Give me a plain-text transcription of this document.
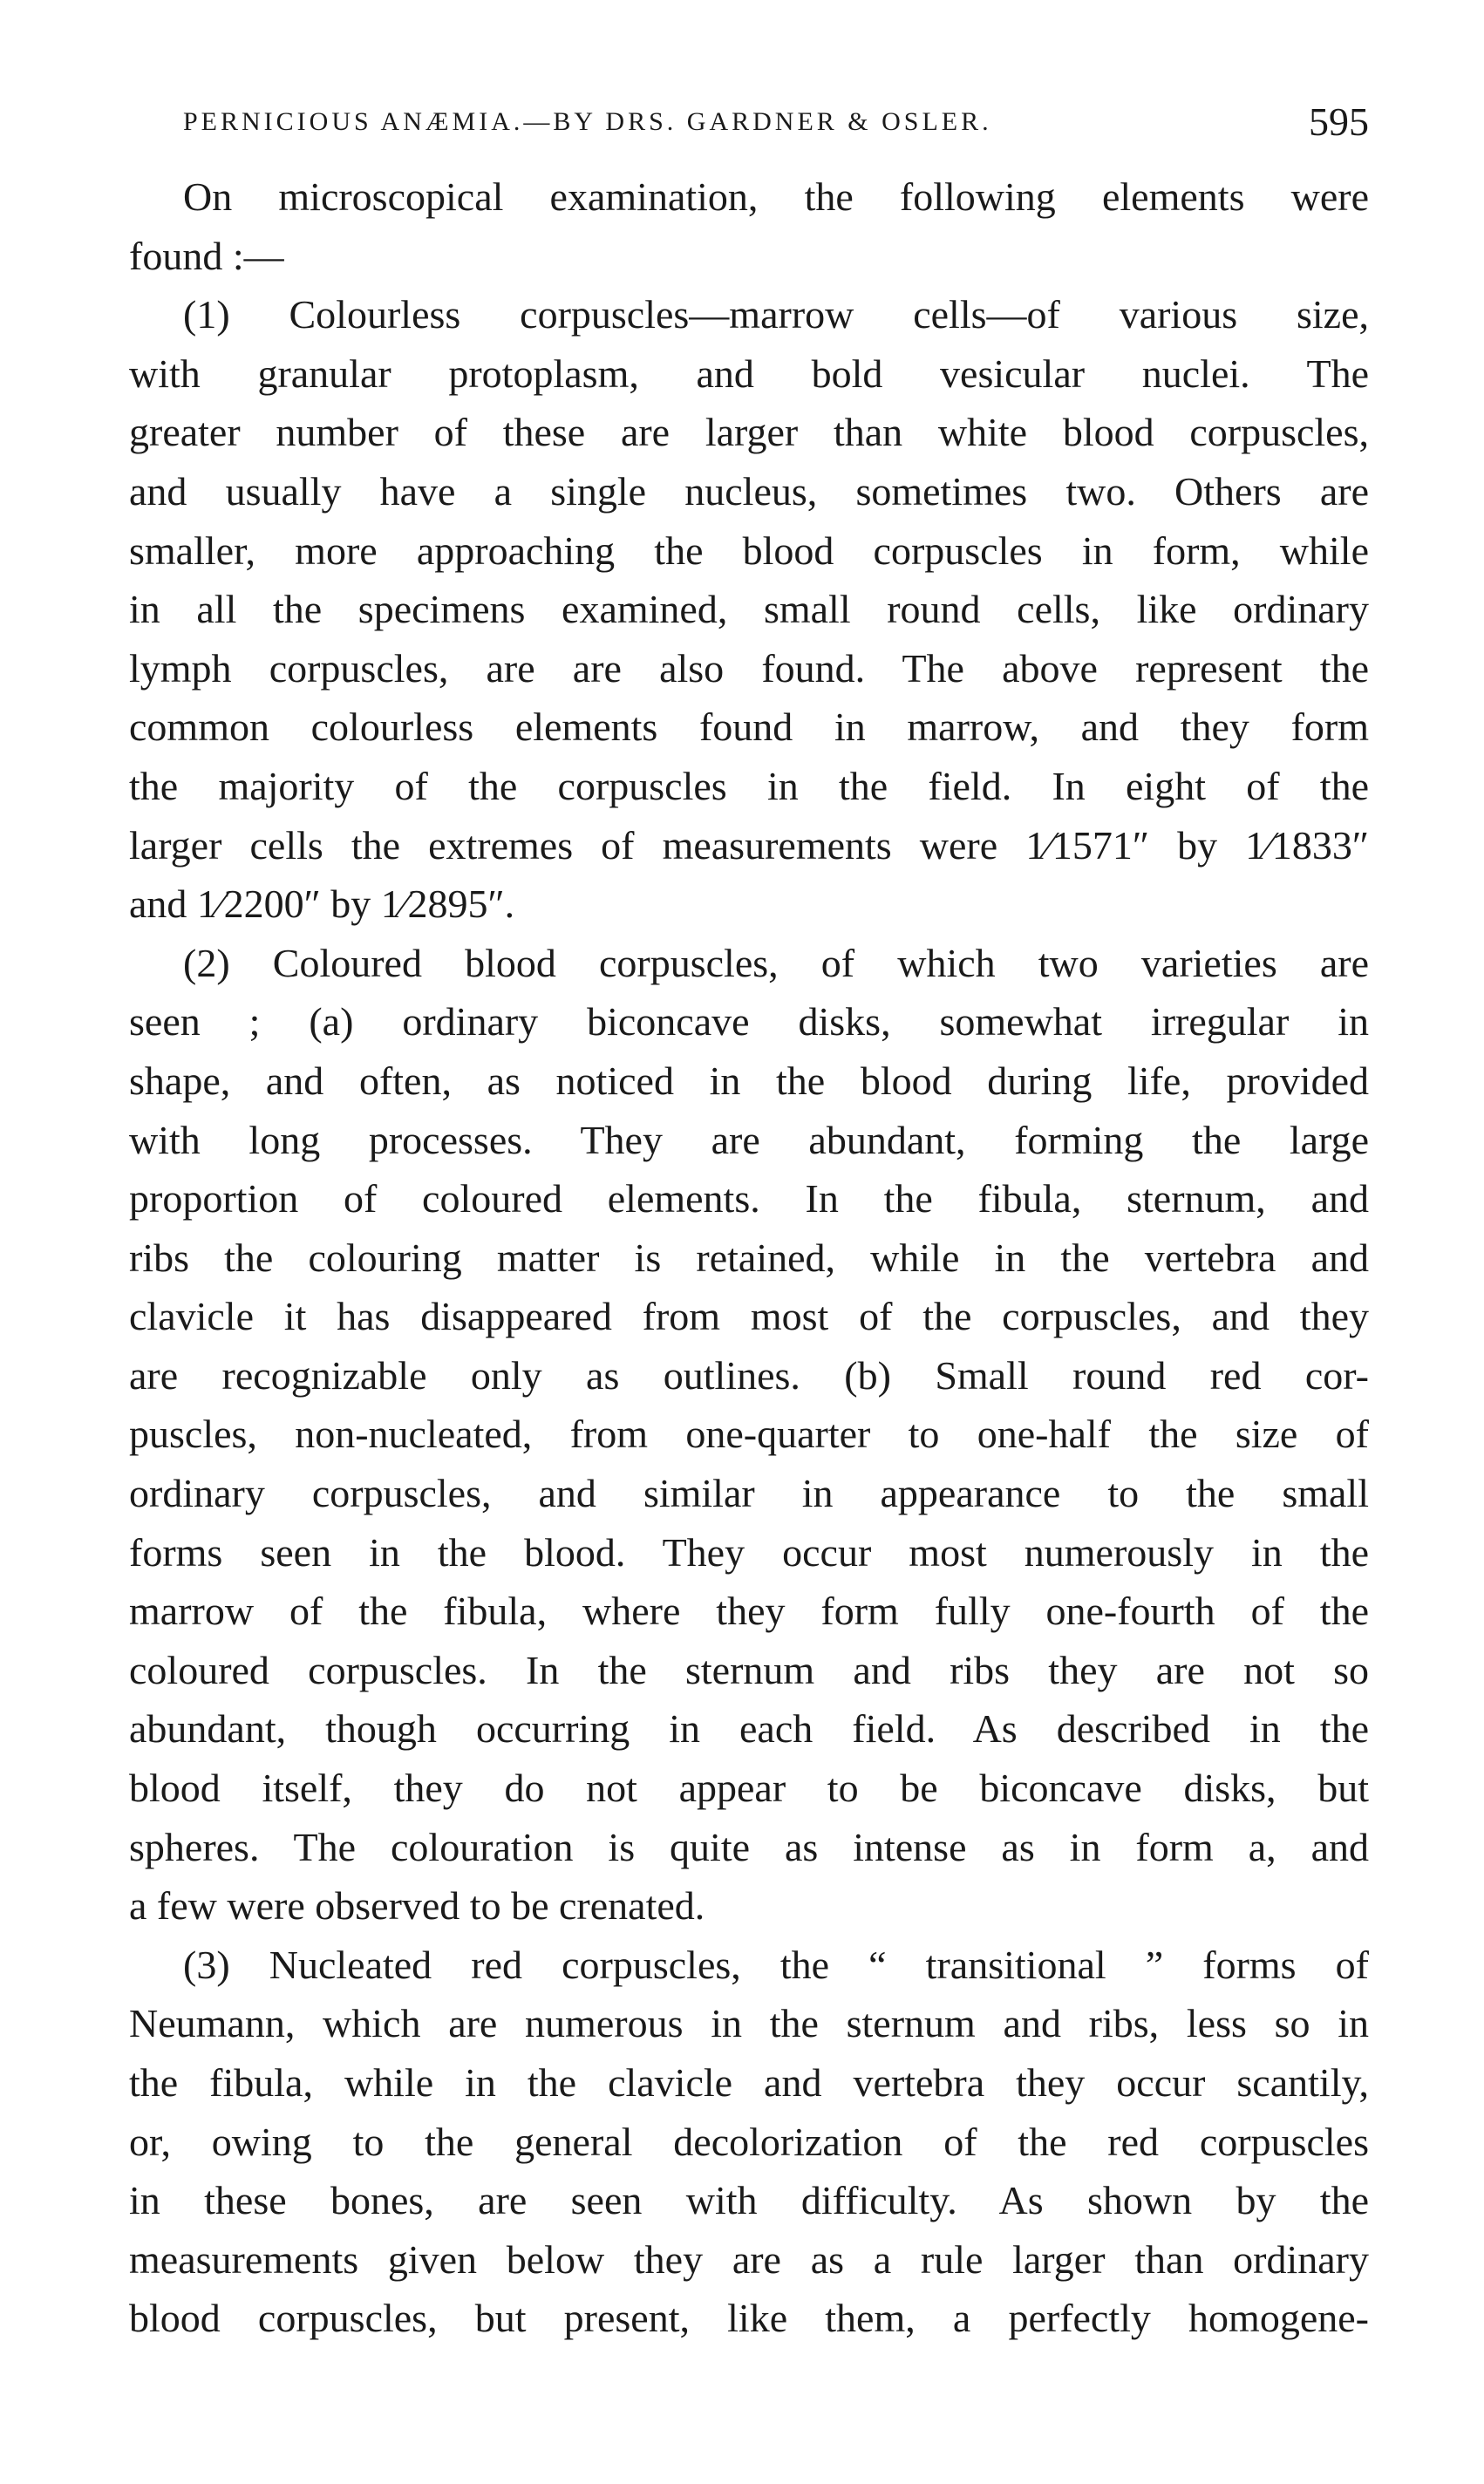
PERNICIOUS ANÆMIA.—BY DRS. GARDNER & OSLER.	595
On microscopical examination, the following elements were
found :—
(1) Colourless corpuscles—marrow cells—of various size,
with granular protoplasm, and bold vesicular nuclei. The
greater number of these are larger than white blood corpuscles,
and usually have a single nucleus, sometimes two. Others are
smaller, more approaching the blood corpuscles in form, while
in all the specimens examined, small round cells, like ordinary
lymph corpuscles, are are also found. The above represent the
common colourless elements found in marrow, and they form
the majority of the corpuscles in the field. In eight of the
larger cells the extremes of measurements were 1⁄1571″ by 1⁄1833″
and 1⁄2200″ by 1⁄2895″.
(2) Coloured blood corpuscles, of which two varieties are
seen ; (a) ordinary biconcave disks, somewhat irregular in
shape, and often, as noticed in the blood during life, provided
with long processes. They are abundant, forming the large
proportion of coloured elements. In the fibula, sternum, and
ribs the colouring matter is retained, while in the vertebra and
clavicle it has disappeared from most of the corpuscles, and they
are recognizable only as outlines. (b) Small round red cor-
puscles, non-nucleated, from one-quarter to one-half the size of
ordinary corpuscles, and similar in appearance to the small
forms seen in the blood. They occur most numerously in the
marrow of the fibula, where they form fully one-fourth of the
coloured corpuscles. In the sternum and ribs they are not so
abundant, though occurring in each field. As described in the
blood itself, they do not appear to be biconcave disks, but
spheres. The colouration is quite as intense as in form a, and
a few were observed to be crenated.
(3) Nucleated red corpuscles, the “ transitional ” forms of
Neumann, which are numerous in the sternum and ribs, less so in
the fibula, while in the clavicle and vertebra they occur scantily,
or, owing to the general decolorization of the red corpuscles
in these bones, are seen with difficulty. As shown by the
measurements given below they are as a rule larger than ordinary
blood corpuscles, but present, like them, a perfectly homogene-
